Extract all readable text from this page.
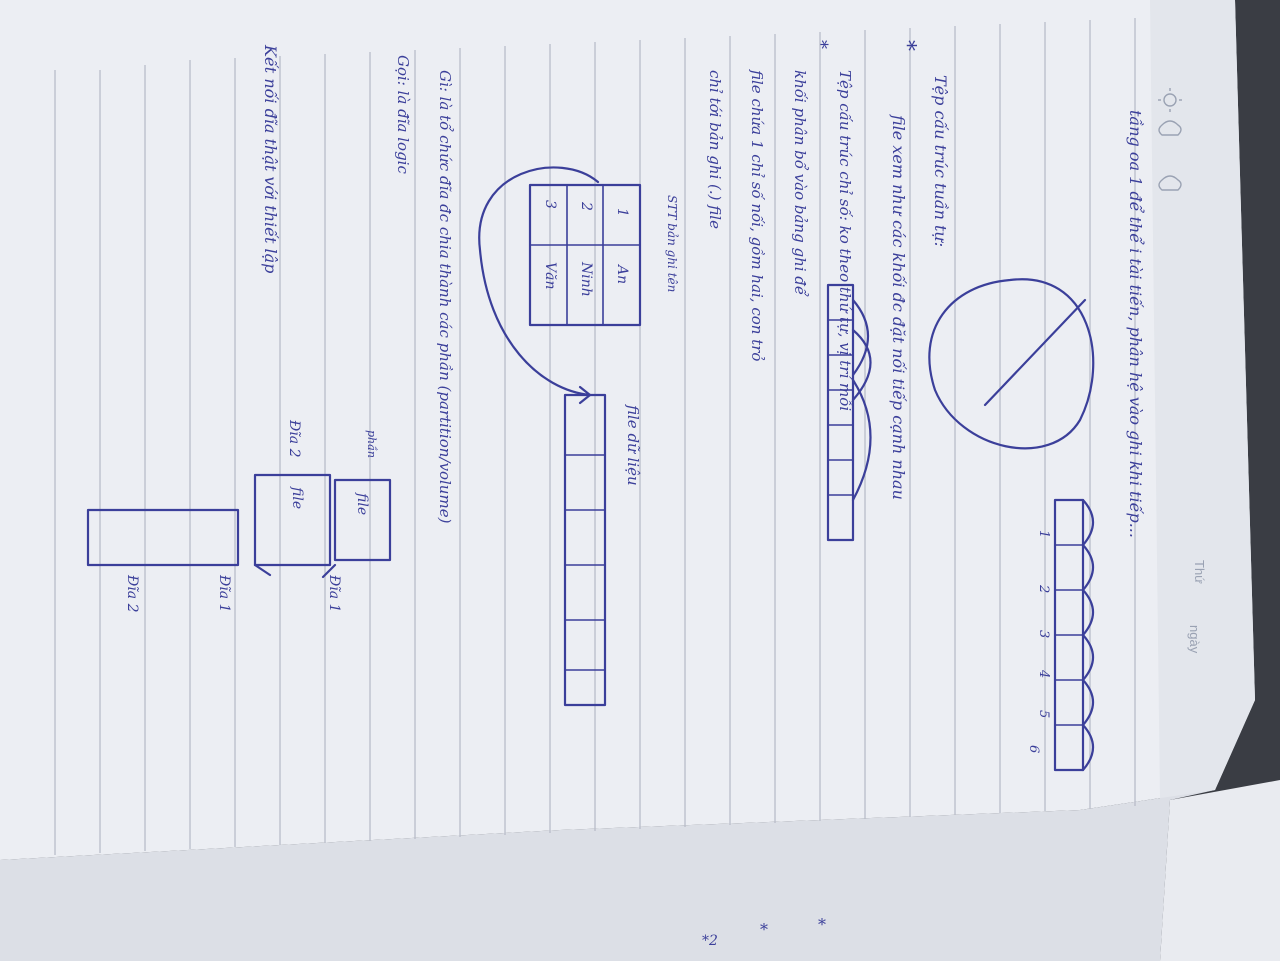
Thứ
ngày
tầng oa 1 để thể i tài tiến, phân hệ vào ghi khi tiếp...
1
2
3
4
5
6
*
Tệp cấu trúc tuần tự:
file xem như các khối đc đặt nối tiếp cạnh nhau
*
Tệp cấu trúc chỉ số: ko theo thứ tự, vị trí mỗi
khối phân bổ vào bảng ghi để
file chứa 1 chỉ số nối, gồm hai, con trỏ
chỉ tới bản ghi (.) file
STT bản ghi tên
1
An
2
Ninh
3
Văn
file dữ liệu
Gì: là tổ chức đĩa đc chia thành các phần (partition/volume)
Gọi: là đĩa logic
phần
file
file
Đĩa 1
Đĩa 1
Đĩa 2
Đĩa 2
Kết nối đĩa thật với thiết lập
*	*
*2
